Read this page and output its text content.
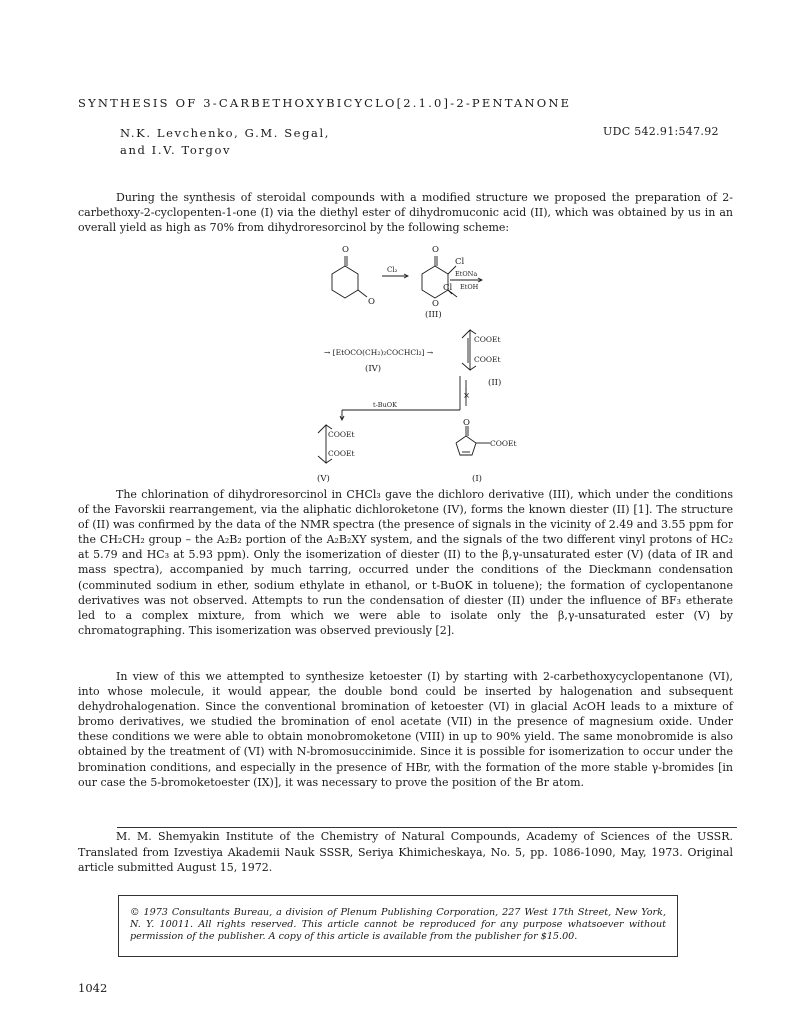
SYNTHESIS OF 3-CARBETHOXYBICYCLO[2.1.0]-2-PENTANONE
N.K. Levchenko, G.M. Segal,
and I.V. Torgov
UDC 542.91:547.92

During the synthesis of steroidal compounds with a modified structure we proposed the preparation of 2-carbethoxy-2-cyclopenten-1-one (I) via the diethyl ester of dihydromuconic acid (II), which was obtained by us in an overall yield as high as 70% from dihydroresorcinol by the following scheme:

O	O
Cl
Cl₂	EtONa
EtOH
Cl
O	O
(III)
COOEt
→ [EtOCO(CH₂)₂COCHCl₂] →
COOEt
(IV)
(II)
×
t-BuOK
O
COOEt
COOEt
COOEt
(V)	(I)

The chlorination of dihydroresorcinol in CHCl₃ gave the dichloro derivative (III), which under the conditions of the Favorskii rearrangement, via the aliphatic dichloroketone (IV), forms the known diester (II) [1]. The structure of (II) was confirmed by the data of the NMR spectra (the presence of signals in the vicinity of 2.49 and 3.55 ppm for the CH₂CH₂ group – the A₂B₂ portion of the A₂B₂XY system, and the signals of the two different vinyl protons of HC₂ at 5.79 and HC₃ at 5.93 ppm). Only the isomerization of diester (II) to the β,γ-unsaturated ester (V) (data of IR and mass spectra), accompanied by much tarring, occurred under the conditions of the Dieckmann condensation (comminuted sodium in ether, sodium ethylate in ethanol, or t-BuOK in toluene); the formation of cyclopentanone derivatives was not observed. Attempts to run the condensation of diester (II) under the influence of BF₃ etherate led to a complex mixture, from which we were able to isolate only the β,γ-unsaturated ester (V) by chromatographing. This isomerization was observed previously [2].

In view of this we attempted to synthesize ketoester (I) by starting with 2-carbethoxycyclopentanone (VI), into whose molecule, it would appear, the double bond could be inserted by halogenation and subsequent dehydrohalogenation. Since the conventional bromination of ketoester (VI) in glacial AcOH leads to a mixture of bromo derivatives, we studied the bromination of enol acetate (VII) in the presence of magnesium oxide. Under these conditions we were able to obtain monobromoketone (VIII) in up to 90% yield. The same monobromide is also obtained by the treatment of (VI) with N-bromosuccinimide. Since it is possible for isomerization to occur under the bromination conditions, and especially in the presence of HBr, with the formation of the more stable γ-bromides [in our case the 5-bromoketoester (IX)], it was necessary to prove the position of the Br atom.

M. M. Shemyakin Institute of the Chemistry of Natural Compounds, Academy of Sciences of the USSR. Translated from Izvestiya Akademii Nauk SSSR, Seriya Khimicheskaya, No. 5, pp. 1086-1090, May, 1973. Original article submitted August 15, 1972.

© 1973 Consultants Bureau, a division of Plenum Publishing Corporation, 227 West 17th Street, New York, N. Y. 10011. All rights reserved. This article cannot be reproduced for any purpose whatsoever without permission of the publisher. A copy of this article is available from the publisher for $15.00.
1042
